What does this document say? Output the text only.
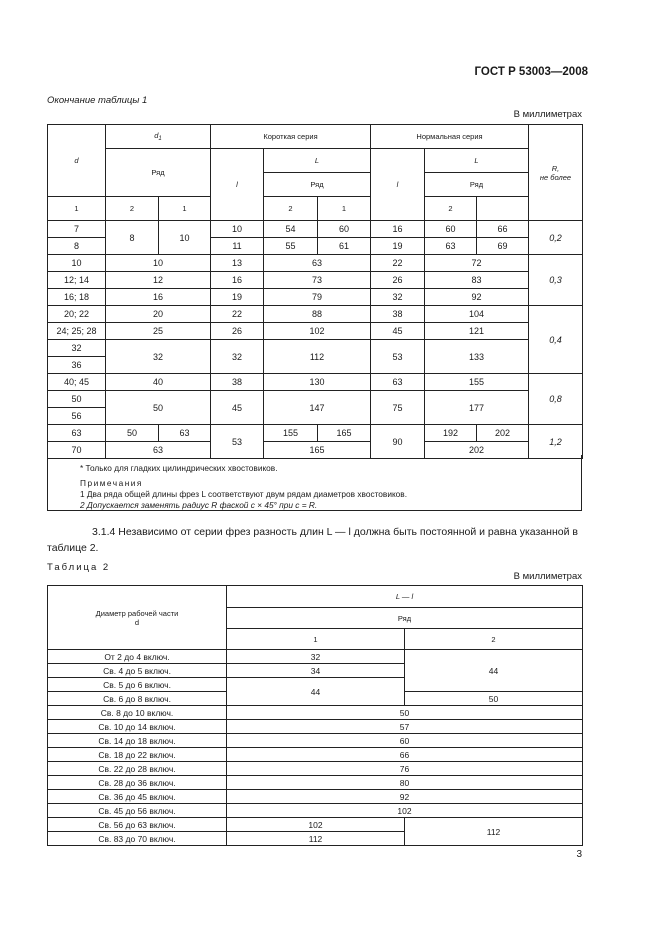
ГОСТ Р 53003—2008
Окончание таблицы 1
В миллиметрах
d	$d_1$		Короткая серия			Нормальная серия			R,
не более

	Ряд		l	L		l	L		
				Ряд			Ряд		
1	2	1		2	1		2		
7	8	10	10	54	60	16	60	66	0,2
8			11	55	61	19	63	69	
10	10		13	63		22	72		0,3
12; 14	12		16	73		26	83		
16; 18	16		19	79		32	92		
20; 22	20		22	88		38	104		0,4
24; 25; 28	25		26	102		45	121		
32	32		32	112		53	133		
36									
40; 45	40		38	130		63	155		0,8
50	50		45	147		75	177		
56									
63	50	63	53	155	165	90	192	202	1,2
70	63			165			202		
* Только для гладких цилиндрических хвостовиков.
Примечания
1 Два ряда общей длины фрез L соответствуют двум рядам диаметров хвостовиков.
2 Допускается заменять радиус R фаской c × 45° при c = R.
3.1.4 Независимо от серии фрез разность длин L — l должна быть постоянной и равна указанной в таблице 2.
Таблица 2
В миллиметрах
Диаметр рабочей части
d	L — l	
	Ряд	
	1	2
От 2 до 4 включ.	32	44
Св. 4 до 5 включ.	34	
Св. 5 до 6 включ.	44	
Св. 6 до 8 включ.		50
Св. 8 до 10 включ.	50	
Св. 10 до 14 включ.	57	
Св. 14 до 18 включ.	60	
Св. 18 до 22 включ.	66	
Св. 22 до 28 включ.	76	
Св. 28 до 36 включ.	80	
Св. 36 до 45 включ.	92	
Св. 45 до 56 включ.	102	
Св. 56 до 63 включ.	102	112
Св. 83 до 70 включ.	112	
3
